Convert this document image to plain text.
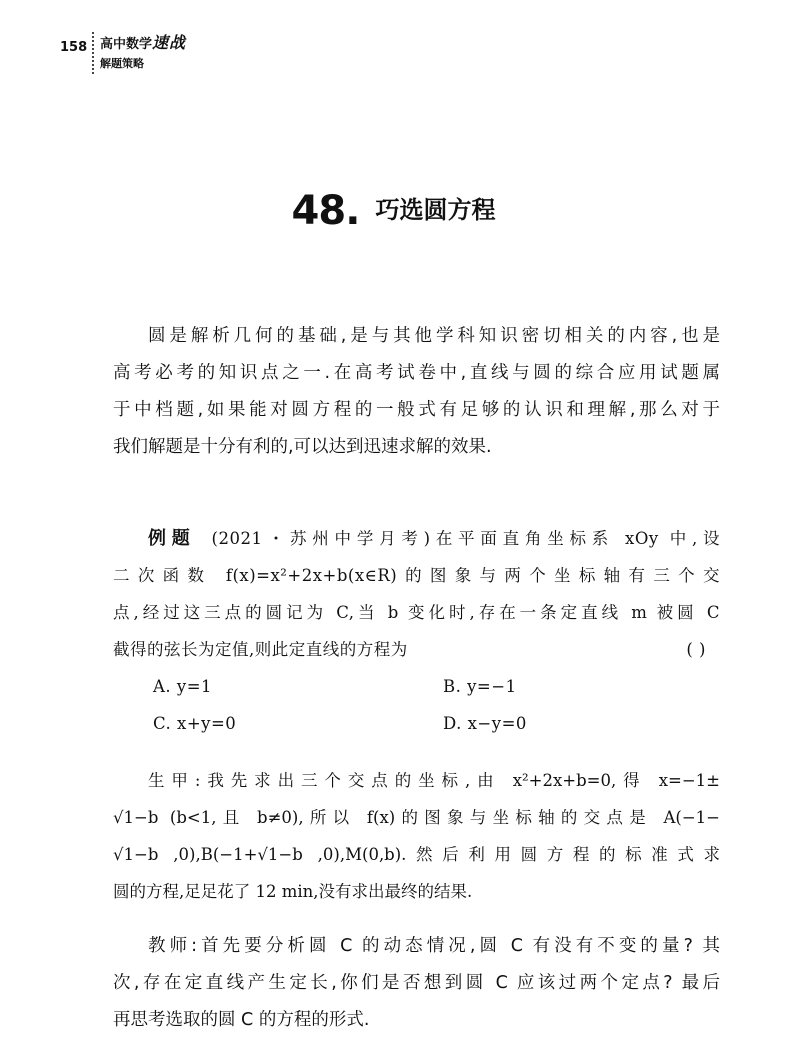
158 高中数学速战
解题策略
48. 巧选圆方程
圆是解析几何的基础,是与其他学科知识密切相关的内容,也是
高考必考的知识点之一.在高考试卷中,直线与圆的综合应用试题属
于中档题,如果能对圆方程的一般式有足够的认识和理解,那么对于
我们解题是十分有利的,可以达到迅速求解的效果.
例题 (2021・苏州中学月考)在平面直角坐标系 xOy 中,设
二次函数 f(x)=x²+2x+b(x∈R)的图象与两个坐标轴有三个交
点,经过这三点的圆记为 C,当 b 变化时,存在一条定直线 m 被圆 C
截得的弦长为定值,则此定直线的方程为	( )
A. y=1	B. y=−1
C. x+y=0	D. x−y=0
生甲:我先求出三个交点的坐标,由 x²+2x+b=0,得 x=−1±
√1−b (b<1,且 b≠0),所以 f(x)的图象与坐标轴的交点是 A(−1−
√1−b ,0),B(−1+√1−b ,0),M(0,b).然后利用圆方程的标准式求
圆的方程,足足花了 12 min,没有求出最终的结果.
教师:首先要分析圆 C 的动态情况,圆 C 有没有不变的量? 其
次,存在定直线产生定长,你们是否想到圆 C 应该过两个定点? 最后
再思考选取的圆 C 的方程的形式.
